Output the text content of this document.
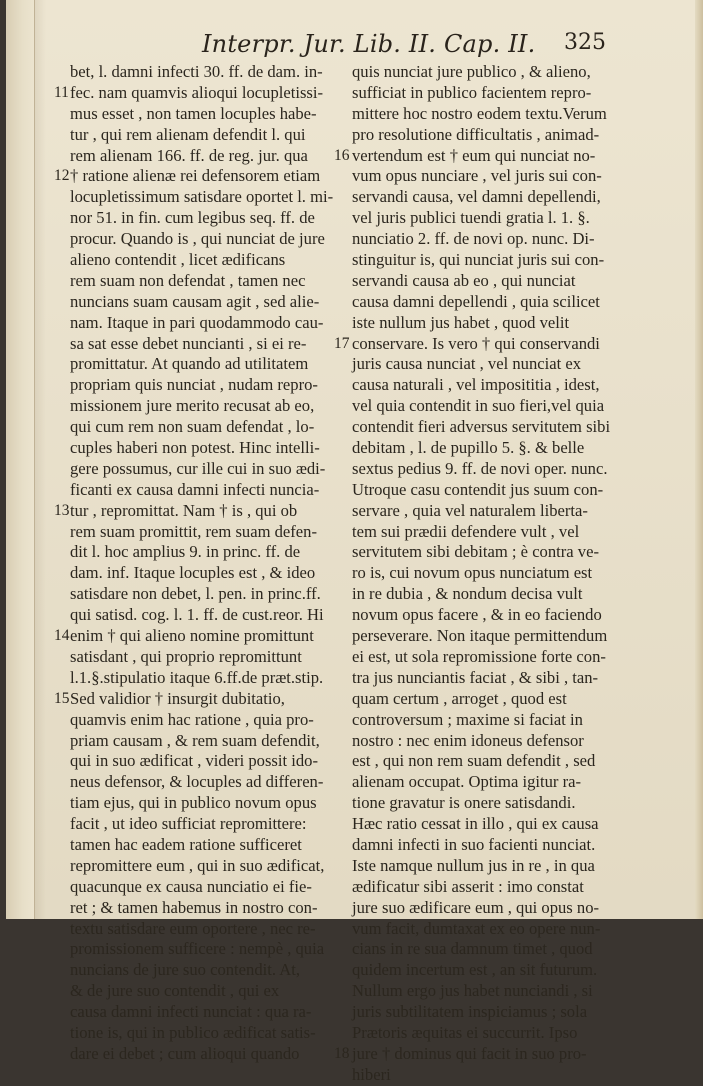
Interpr. Jur. Lib. II. Cap. II. 325
bet, l. damni infecti 30. ff. de dam. in-
11 fec. nam quamvis alioqui locupletissi-
mus esset , non tamen locuples habe-
tur , qui rem alienam defendit l. qui
rem alienam 166. ff. de reg. jur. qua
12 † ratione alienæ rei defensorem etiam
locupletissimum satisdare oportet l. mi-
nor 51. in fin. cum legibus seq. ff. de
procur. Quando is , qui nunciat de jure
alieno contendit , licet ædificans
rem suam non defendat , tamen nec
nuncians suam causam agit , sed alie-
nam. Itaque in pari quodammodo cau-
sa sat esse debet nuncianti , si ei re-
promittatur. At quando ad utilitatem
propriam quis nunciat , nudam repro-
missionem jure merito recusat ab eo,
qui cum rem non suam defendat , lo-
cuples haberi non potest. Hinc intelli-
gere possumus, cur ille cui in suo ædi-
ficanti ex causa damni infecti nuncia-
13 tur , repromittat. Nam † is , qui ob
rem suam promittit, rem suam defen-
dit l. hoc amplius 9. in princ. ff. de
dam. inf. Itaque locuples est , & ideo
satisdare non debet, l. pen. in princ.ff.
qui satisd. cog. l. 1. ff. de cust.reor. Hi
14 enim † qui alieno nomine promittunt
satisdant , qui proprio repromittunt
l.1.§.stipulatio itaque 6.ff.de præt.stip.
15 Sed validior † insurgit dubitatio,
quamvis enim hac ratione , quia pro-
priam causam , & rem suam defendit,
qui in suo ædificat , videri possit ido-
neus defensor, & locuples ad differen-
tiam ejus, qui in publico novum opus
facit , ut ideo sufficiat repromittere:
tamen hac eadem ratione sufficeret
repromittere eum , qui in suo ædificat,
quacunque ex causa nunciatio ei fie-
ret ; & tamen habemus in nostro con-
textu satisdare eum oportere , nec re-
promissionem sufficere : nempè , quia
nuncians de jure suo contendit. At,
& de jure suo contendit , qui ex
causa damni infecti nunciat : qua ra-
tione is, qui in publico ædificat satis-
dare ei debet ; cum alioqui quando
quis nunciat jure publico , & alieno,
sufficiat in publico facientem repro-
mittere hoc nostro eodem textu.Verum
pro resolutione difficultatis , animad-
16 vertendum est † eum qui nunciat no-
vum opus nunciare , vel juris sui con-
servandi causa, vel damni depellendi,
vel juris publici tuendi gratia l. 1. §.
nunciatio 2. ff. de novi op. nunc. Di-
stinguitur is, qui nunciat juris sui con-
servandi causa ab eo , qui nunciat
causa damni depellendi , quia scilicet
iste nullum jus habet , quod velit
17 conservare. Is vero † qui conservandi
juris causa nunciat , vel nunciat ex
causa naturali , vel imposititia , idest,
vel quia contendit in suo fieri,vel quia
contendit fieri adversus servitutem sibi
debitam , l. de pupillo 5. §. & belle
sextus pedius 9. ff. de novi oper. nunc.
Utroque casu contendit jus suum con-
servare , quia vel naturalem liberta-
tem sui prædii defendere vult , vel
servitutem sibi debitam ; è contra ve-
ro is, cui novum opus nunciatum est
in re dubia , & nondum decisa vult
novum opus facere , & in eo faciendo
perseverare. Non itaque permittendum
ei est, ut sola repromissione forte con-
tra jus nunciantis faciat , & sibi , tan-
quam certum , arroget , quod est
controversum ; maxime si faciat in
nostro : nec enim idoneus defensor
est , qui non rem suam defendit , sed
alienam occupat. Optima igitur ra-
tione gravatur is onere satisdandi.
Hæc ratio cessat in illo , qui ex causa
damni infecti in suo facienti nunciat.
Iste namque nullum jus in re , in qua
ædificatur sibi asserit : imo constat
jure suo ædificare eum , qui opus no-
vum facit, dumtaxat ex eo opere nun-
cians in re sua damnum timet , quod
quidem incertum est , an sit futurum.
Nullum ergo jus habet nunciandi , si
juris subtilitatem inspiciamus ; sola
Prætoris æquitas ei succurrit. Ipso
18 jure † dominus qui facit in suo pro-
hiberi
